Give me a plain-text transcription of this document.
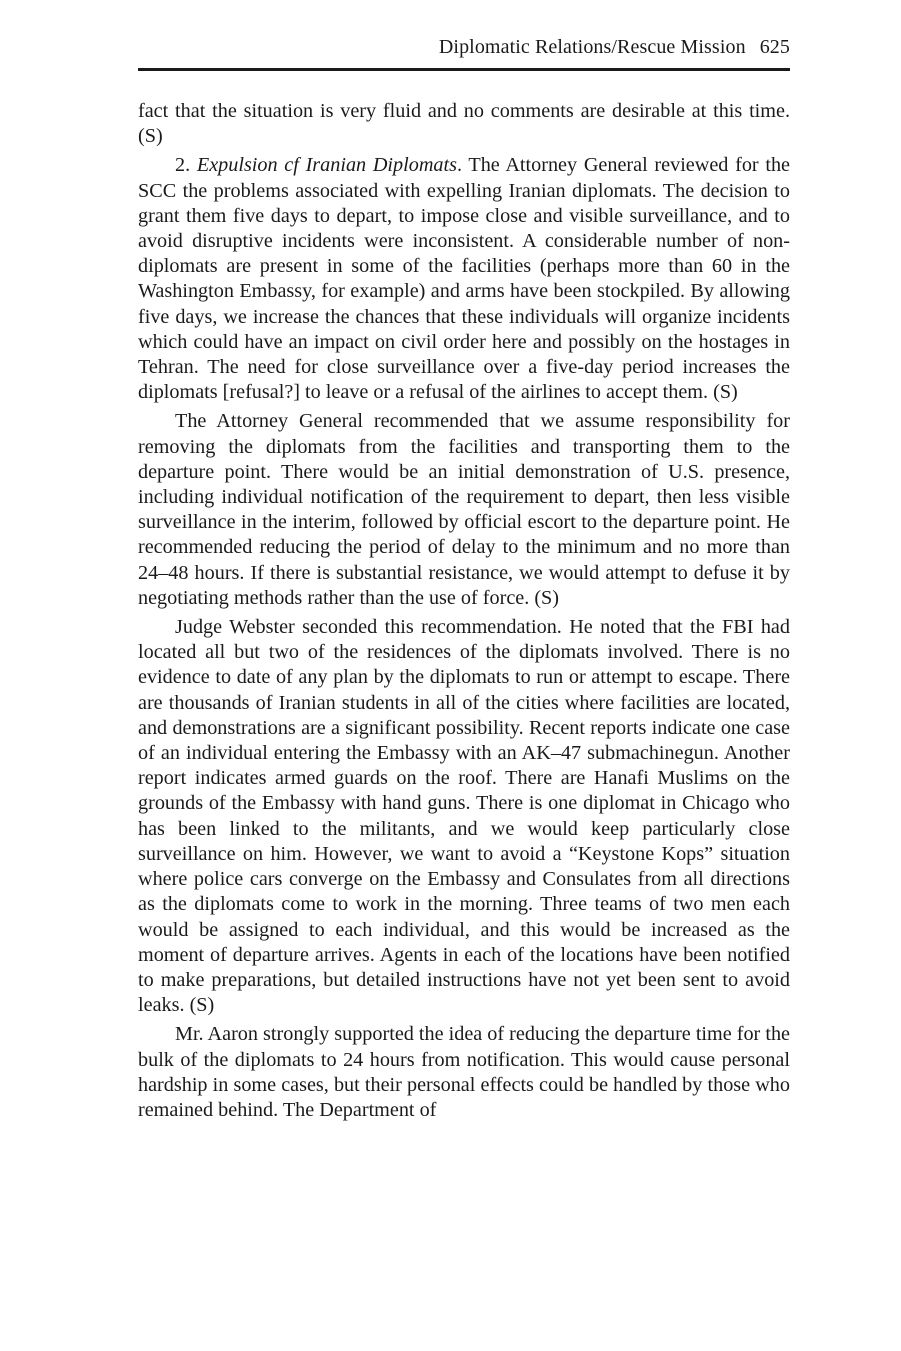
Diplomatic Relations/Rescue Mission 625

fact that the situation is very fluid and no comments are desirable at this time. (S)

2. Expulsion cf Iranian Diplomats. The Attorney General reviewed for the SCC the problems associated with expelling Iranian diplomats. The decision to grant them five days to depart, to impose close and visible surveillance, and to avoid disruptive incidents were inconsistent. A considerable number of non-diplomats are present in some of the facilities (perhaps more than 60 in the Washington Embassy, for example) and arms have been stockpiled. By allowing five days, we increase the chances that these individuals will organize incidents which could have an impact on civil order here and possibly on the hostages in Tehran. The need for close surveillance over a five-day period increases the diplomats [refusal?] to leave or a refusal of the airlines to accept them. (S)

The Attorney General recommended that we assume responsibility for removing the diplomats from the facilities and transporting them to the departure point. There would be an initial demonstration of U.S. presence, including individual notification of the requirement to depart, then less visible surveillance in the interim, followed by official escort to the departure point. He recommended reducing the period of delay to the minimum and no more than 24–48 hours. If there is substantial resistance, we would attempt to defuse it by negotiating methods rather than the use of force. (S)

Judge Webster seconded this recommendation. He noted that the FBI had located all but two of the residences of the diplomats involved. There is no evidence to date of any plan by the diplomats to run or attempt to escape. There are thousands of Iranian students in all of the cities where facilities are located, and demonstrations are a significant possibility. Recent reports indicate one case of an individual entering the Embassy with an AK–47 submachinegun. Another report indicates armed guards on the roof. There are Hanafi Muslims on the grounds of the Embassy with hand guns. There is one diplomat in Chicago who has been linked to the militants, and we would keep particularly close surveillance on him. However, we want to avoid a “Keystone Kops” situation where police cars converge on the Embassy and Consulates from all directions as the diplomats come to work in the morning. Three teams of two men each would be assigned to each individual, and this would be increased as the moment of departure arrives. Agents in each of the locations have been notified to make preparations, but detailed instructions have not yet been sent to avoid leaks. (S)

Mr. Aaron strongly supported the idea of reducing the departure time for the bulk of the diplomats to 24 hours from notification. This would cause personal hardship in some cases, but their personal effects could be handled by those who remained behind. The Department of
